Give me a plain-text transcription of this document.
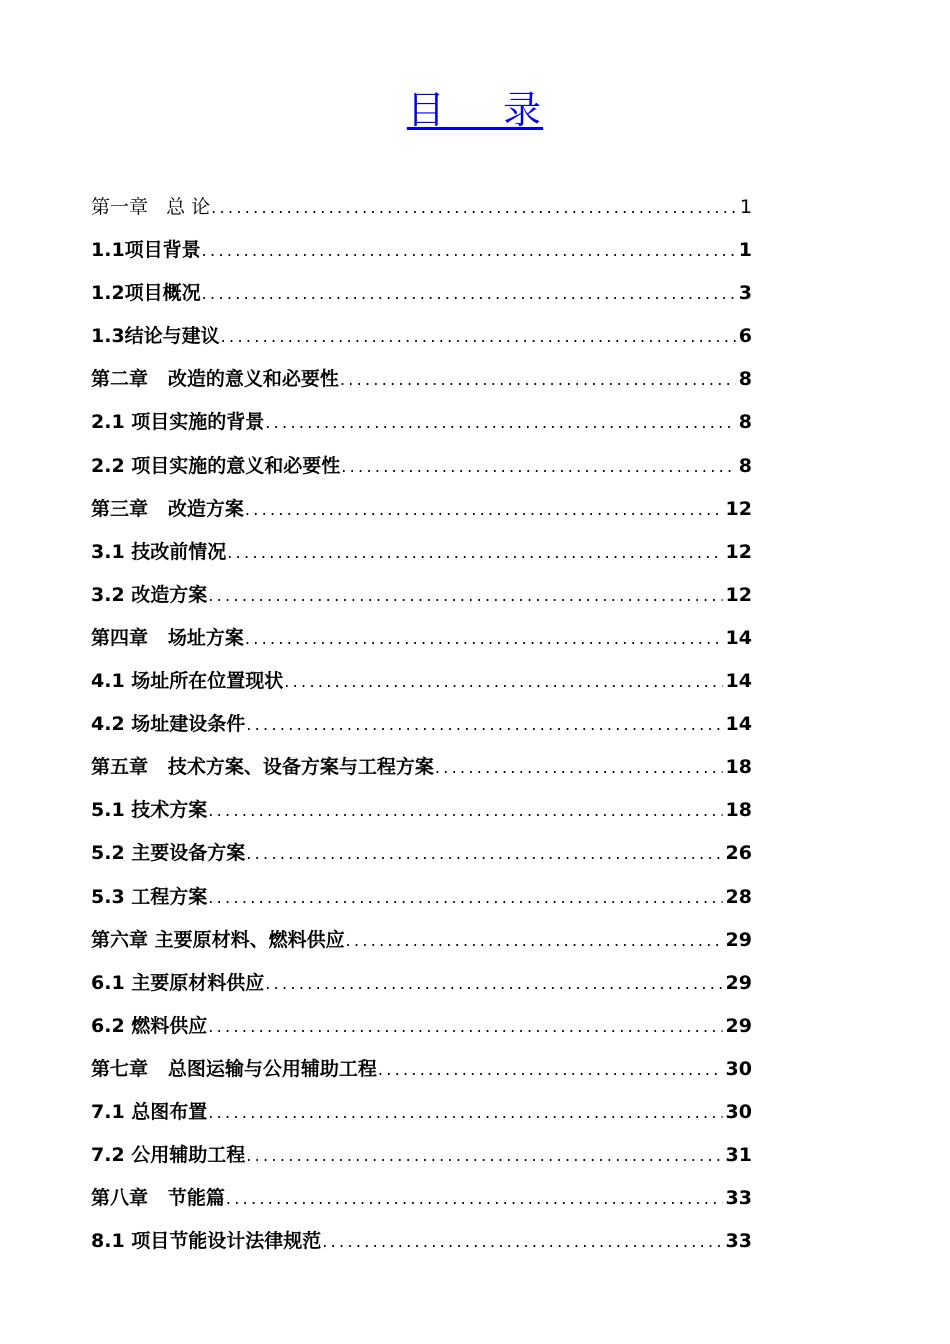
目    录
第一章   总 论 .....	1
1.1项目背景 .....	1
1.2项目概况 .....	3
1.3结论与建议 .....	6
第二章   改造的意义和必要性 .....	8
2.1 项目实施的背景 .....	8
2.2 项目实施的意义和必要性 .....	8
第三章   改造方案 .....	12
3.1 技改前情况 .....	12
3.2 改造方案 .....	12
第四章   场址方案 .....	14
4.1 场址所在位置现状 .....	14
4.2 场址建设条件 .....	14
第五章   技术方案、设备方案与工程方案 .....	18
5.1 技术方案 .....	18
5.2 主要设备方案 .....	26
5.3 工程方案 .....	28
第六章 主要原材料、燃料供应 .....	29
6.1 主要原材料供应 .....	29
6.2 燃料供应 .....	29
第七章   总图运输与公用辅助工程 .....	30
7.1 总图布置 .....	30
7.2 公用辅助工程 .....	31
第八章   节能篇 .....	33
8.1 项目节能设计法律规范 .....	33
